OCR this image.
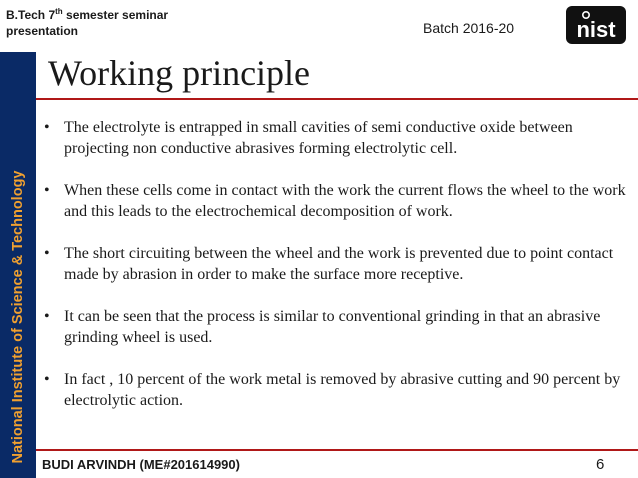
National Institute of Science & Technology
B.Tech 7th semester seminar
presentation	Batch 2016-20	nist
Working principle
• The electrolyte is entrapped in small cavities of semi conductive oxide between projecting non conductive abrasives forming electrolytic cell.
• When these cells come in contact with the work the current flows the wheel to the work and this leads to the electrochemical decomposition of work.
• The short circuiting between the wheel and the work is prevented due to point contact made by abrasion in order to make the surface more receptive.
• It can be seen that the process is similar to conventional grinding in that an abrasive grinding wheel is used.
• In fact , 10 percent of the work metal is removed by abrasive cutting and 90 percent by electrolytic action.
BUDI ARVINDH (ME#201614990)	6
